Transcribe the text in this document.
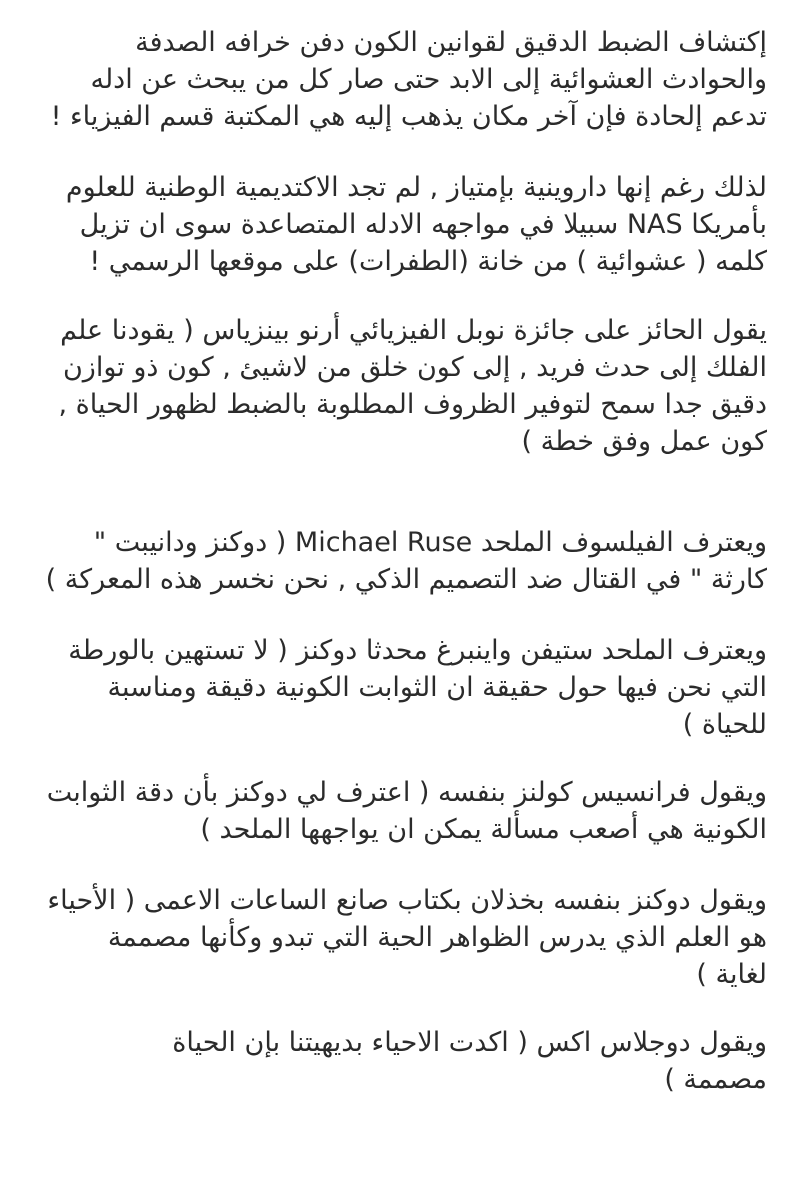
إكتشاف الضبط الدقيق لقوانين الكون دفن خرافه الصدفة
والحوادث العشوائية إلى الابد حتى صار كل من يبحث عن ادله
تدعم إلحادة فإن آخر مكان يذهب إليه هي المكتبة قسم الفيزياء !
لذلك رغم إنها داروينية بإمتياز , لم تجد الاكتديمية الوطنية للعلوم
بأمريكا NAS سبيلا في مواجهه الادله المتصاعدة سوى ان تزيل
كلمه ( عشوائية ) من خانة (الطفرات) على موقعها الرسمي !
يقول الحائز على جائزة نوبل الفيزيائي أرنو بينزياس ( يقودنا علم
الفلك إلى حدث فريد , إلى كون خلق من لاشيئ , كون ذو توازن
دقيق جدا سمح لتوفير الظروف المطلوبة بالضبط لظهور الحياة ,
كون عمل وفق خطة )
ويعترف الفيلسوف الملحد Michael Ruse ( دوكنز ودانيبت "
كارثة " في القتال ضد التصميم الذكي , نحن نخسر هذه المعركة )
ويعترف الملحد ستيفن واينبرغ محدثا دوكنز ( لا تستهين بالورطة
التي نحن فيها حول حقيقة ان الثوابت الكونية دقيقة ومناسبة
للحياة )
ويقول فرانسيس كولنز بنفسه ( اعترف لي دوكنز بأن دقة الثوابت
الكونية هي أصعب مسألة يمكن ان يواجهها الملحد )
ويقول دوكنز بنفسه بخذلان بكتاب صانع الساعات الاعمى ( الأحياء
هو العلم الذي يدرس الظواهر الحية التي تبدو وكأنها مصممة
لغاية )
ويقول دوجلاس اكس ( اكدت الاحياء بديهيتنا بإن الحياة
مصممة )
